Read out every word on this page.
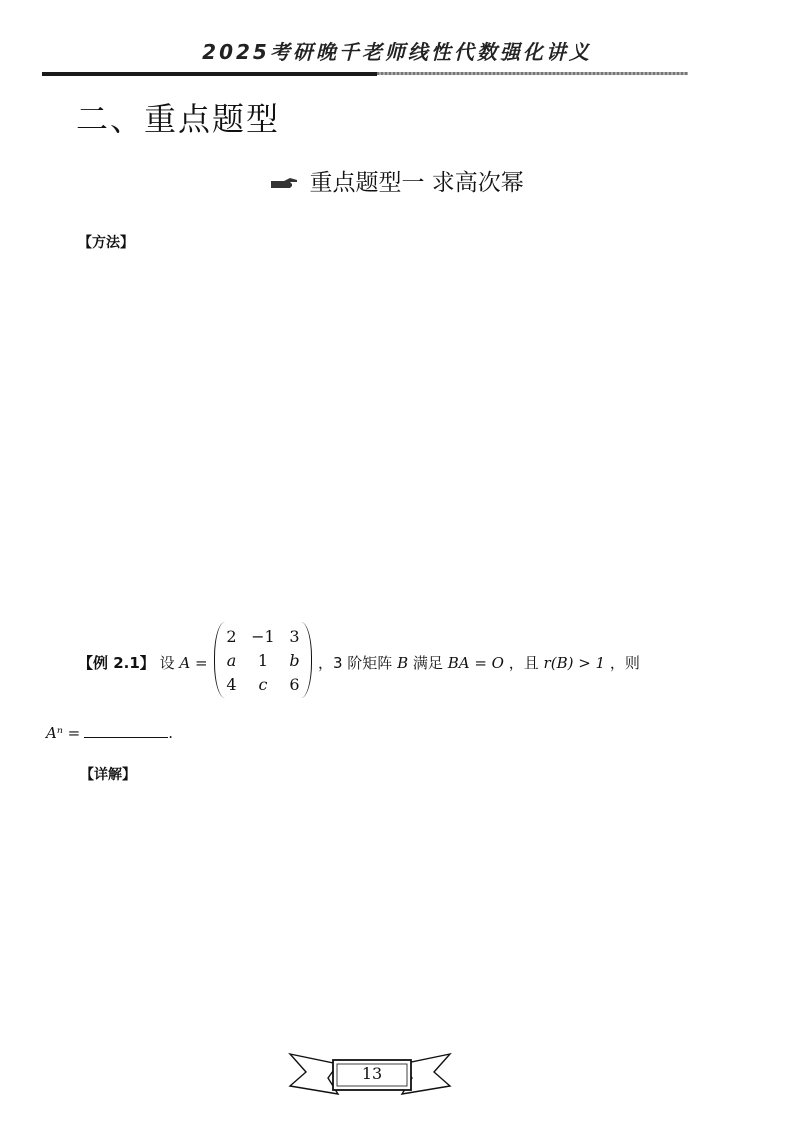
2025考研晚千老师线性代数强化讲义
二、重点题型
重点题型一 求高次幂
【方法】
【例 2.1】 设 A =
2	−1	3
a	1	b
4	c	6
，3 阶矩阵 B 满足 BA = O ，且 r(B) > 1 ，则
Aⁿ =	.
【详解】
13
